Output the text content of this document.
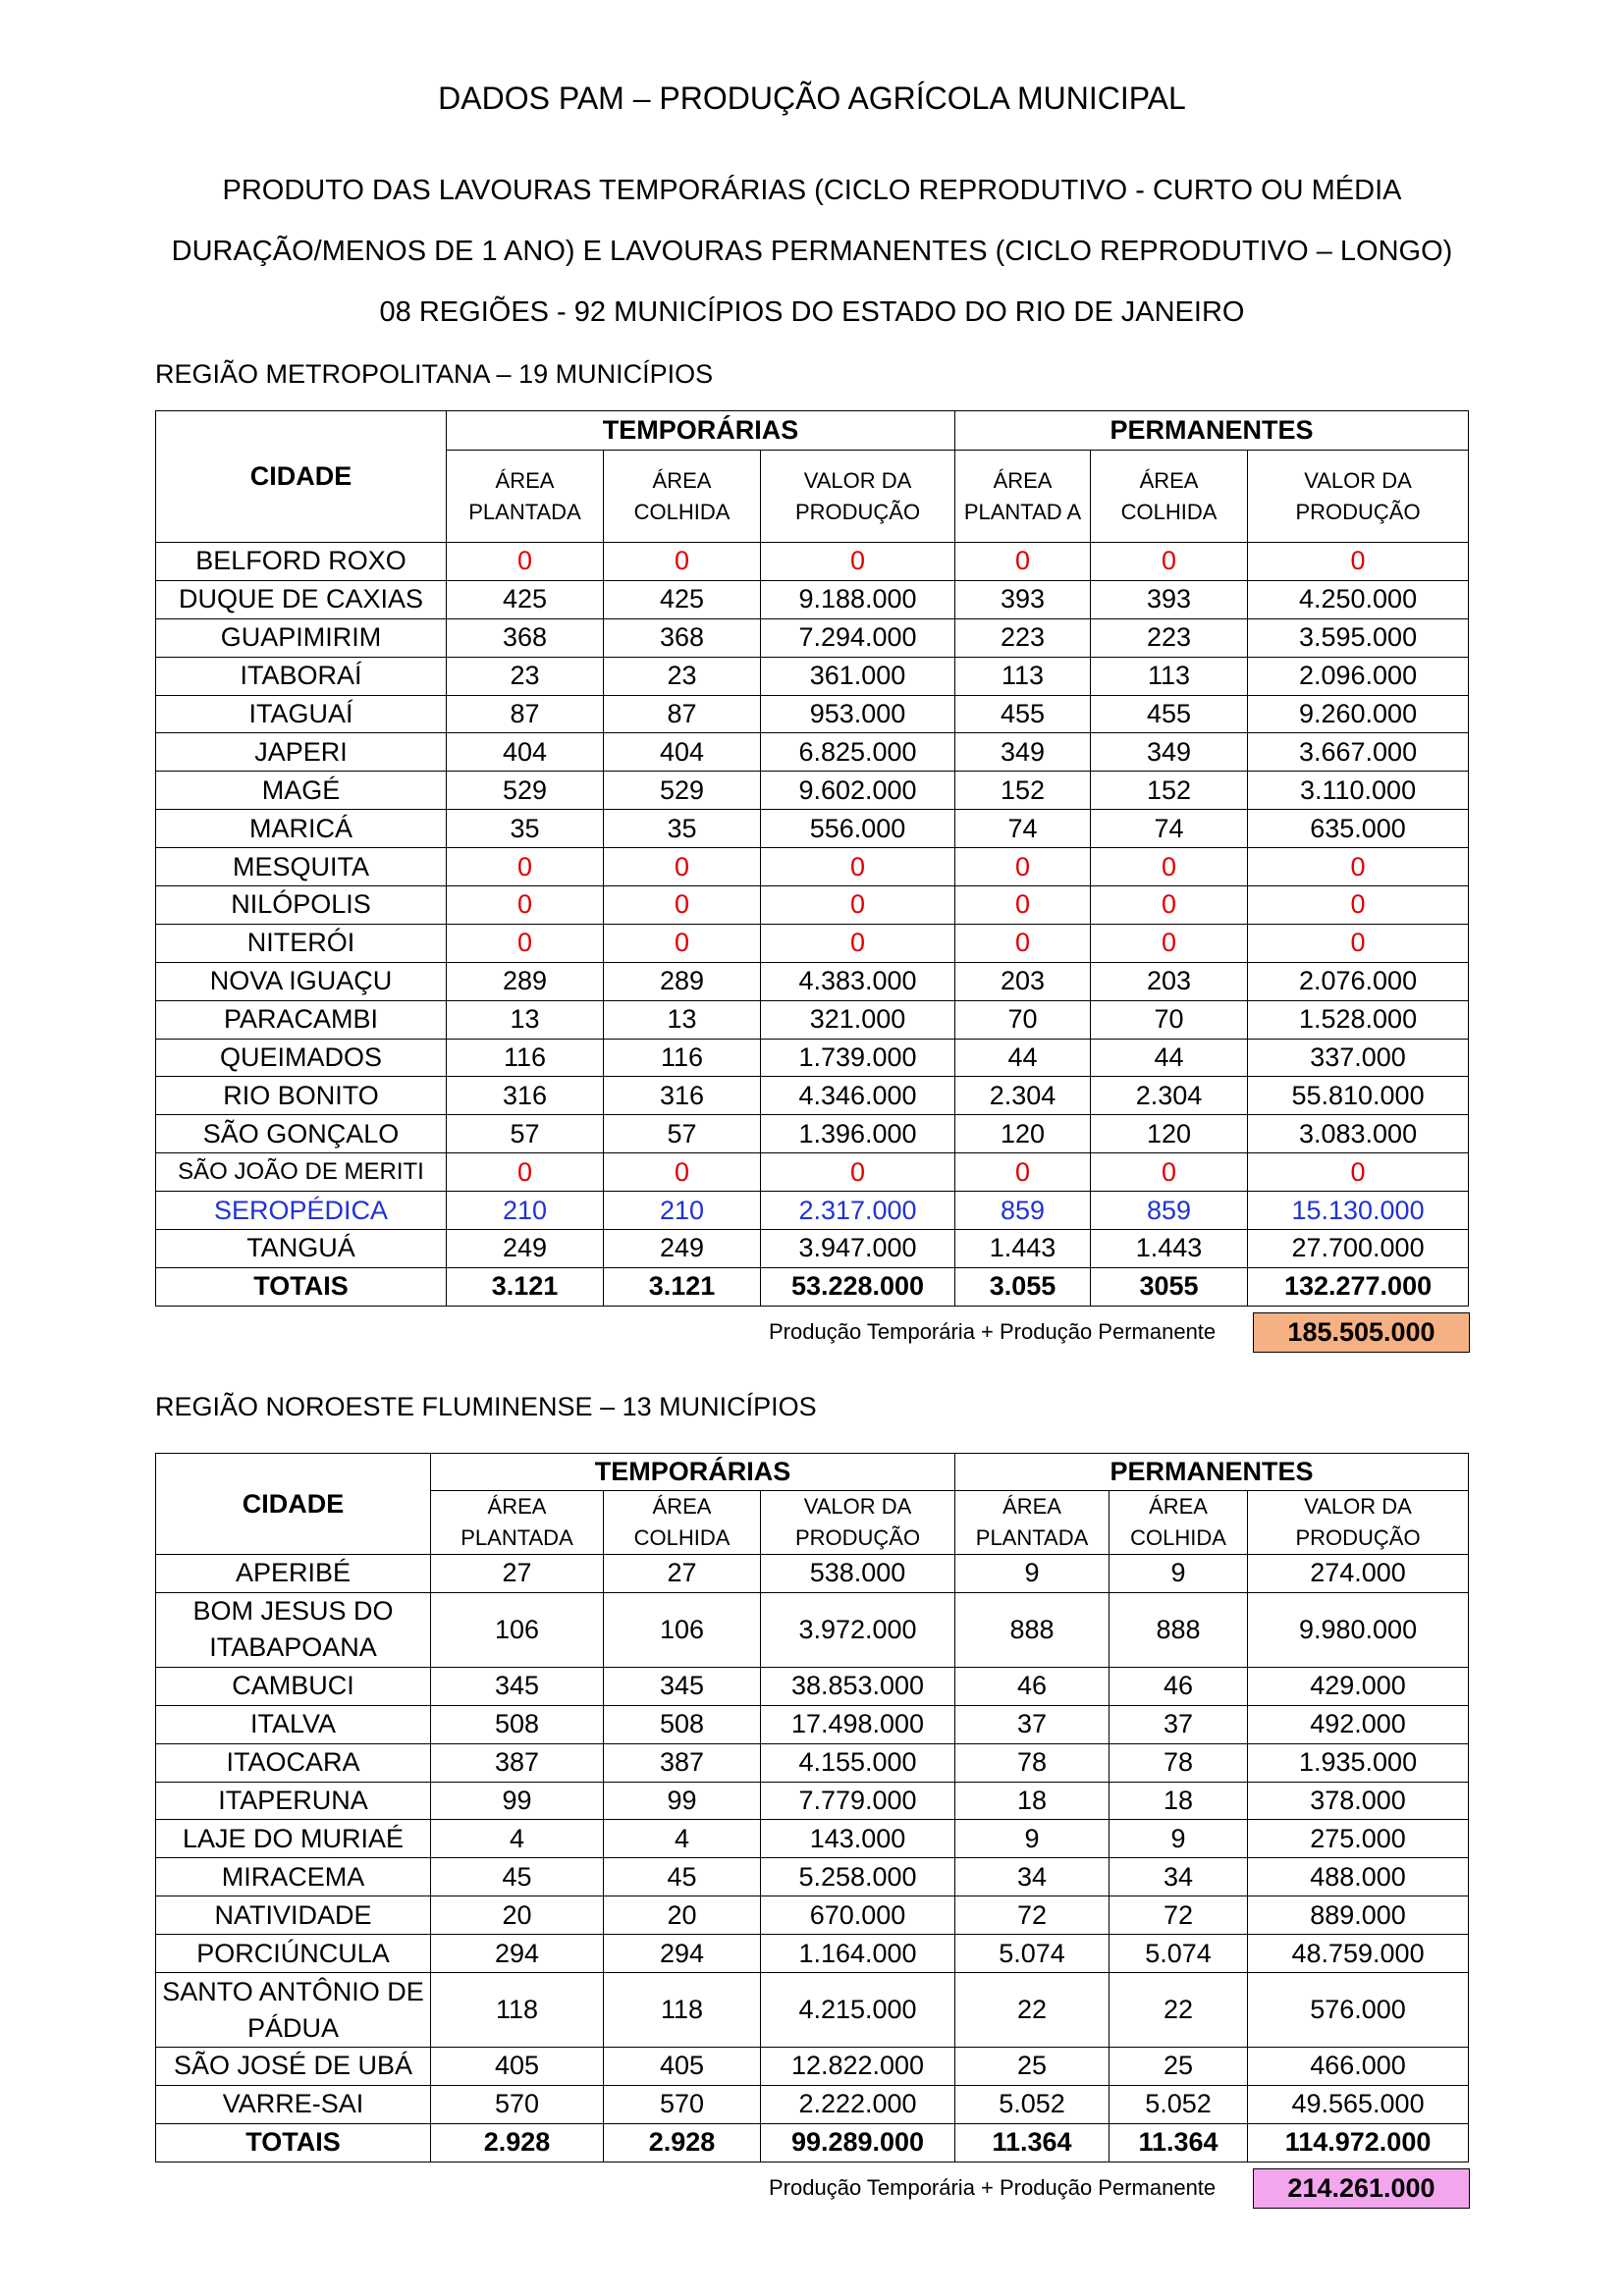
DADOS PAM – PRODUÇÃO AGRÍCOLA MUNICIPAL
PRODUTO DAS LAVOURAS TEMPORÁRIAS (CICLO REPRODUTIVO - CURTO OU MÉDIA
DURAÇÃO/MENOS DE 1 ANO) E LAVOURAS PERMANENTES (CICLO REPRODUTIVO – LONGO)
08 REGIÕES - 92 MUNICÍPIOS DO ESTADO DO RIO DE JANEIRO
REGIÃO METROPOLITANA – 19 MUNICÍPIOS
CIDADE	TEMPORÁRIAS			PERMANENTES		
	ÁREA PLANTADA	ÁREA COLHIDA	VALOR DA PRODUÇÃO	ÁREA PLANTAD A	ÁREA COLHIDA	VALOR DA PRODUÇÃO
BELFORD ROXO	0	0	0	0	0	0
DUQUE DE CAXIAS	425	425	9.188.000	393	393	4.250.000
GUAPIMIRIM	368	368	7.294.000	223	223	3.595.000
ITABORAÍ	23	23	361.000	113	113	2.096.000
ITAGUAÍ	87	87	953.000	455	455	9.260.000
JAPERI	404	404	6.825.000	349	349	3.667.000
MAGÉ	529	529	9.602.000	152	152	3.110.000
MARICÁ	35	35	556.000	74	74	635.000
MESQUITA	0	0	0	0	0	0
NILÓPOLIS	0	0	0	0	0	0
NITERÓI	0	0	0	0	0	0
NOVA IGUAÇU	289	289	4.383.000	203	203	2.076.000
PARACAMBI	13	13	321.000	70	70	1.528.000
QUEIMADOS	116	116	1.739.000	44	44	337.000
RIO BONITO	316	316	4.346.000	2.304	2.304	55.810.000
SÃO GONÇALO	57	57	1.396.000	120	120	3.083.000
SÃO JOÃO DE MERITI	0	0	0	0	0	0
SEROPÉDICA	210	210	2.317.000	859	859	15.130.000
TANGUÁ	249	249	3.947.000	1.443	1.443	27.700.000
TOTAIS	3.121	3.121	53.228.000	3.055	3055	132.277.000
Produção Temporária + Produção Permanente	185.505.000
REGIÃO NOROESTE FLUMINENSE – 13 MUNICÍPIOS
CIDADE	TEMPORÁRIAS			PERMANENTES		
	ÁREA PLANTADA	ÁREA COLHIDA	VALOR DA PRODUÇÃO	ÁREA PLANTADA	ÁREA COLHIDA	VALOR DA PRODUÇÃO
APERIBÉ	27	27	538.000	9	9	274.000
BOM JESUS DO ITABAPOANA	106	106	3.972.000	888	888	9.980.000
CAMBUCI	345	345	38.853.000	46	46	429.000
ITALVA	508	508	17.498.000	37	37	492.000
ITAOCARA	387	387	4.155.000	78	78	1.935.000
ITAPERUNA	99	99	7.779.000	18	18	378.000
LAJE DO MURIAÉ	4	4	143.000	9	9	275.000
MIRACEMA	45	45	5.258.000	34	34	488.000
NATIVIDADE	20	20	670.000	72	72	889.000
PORCIÚNCULA	294	294	1.164.000	5.074	5.074	48.759.000
SANTO ANTÔNIO DE PÁDUA	118	118	4.215.000	22	22	576.000
SÃO JOSÉ DE UBÁ	405	405	12.822.000	25	25	466.000
VARRE-SAI	570	570	2.222.000	5.052	5.052	49.565.000
TOTAIS	2.928	2.928	99.289.000	11.364	11.364	114.972.000
Produção Temporária + Produção Permanente	214.261.000
